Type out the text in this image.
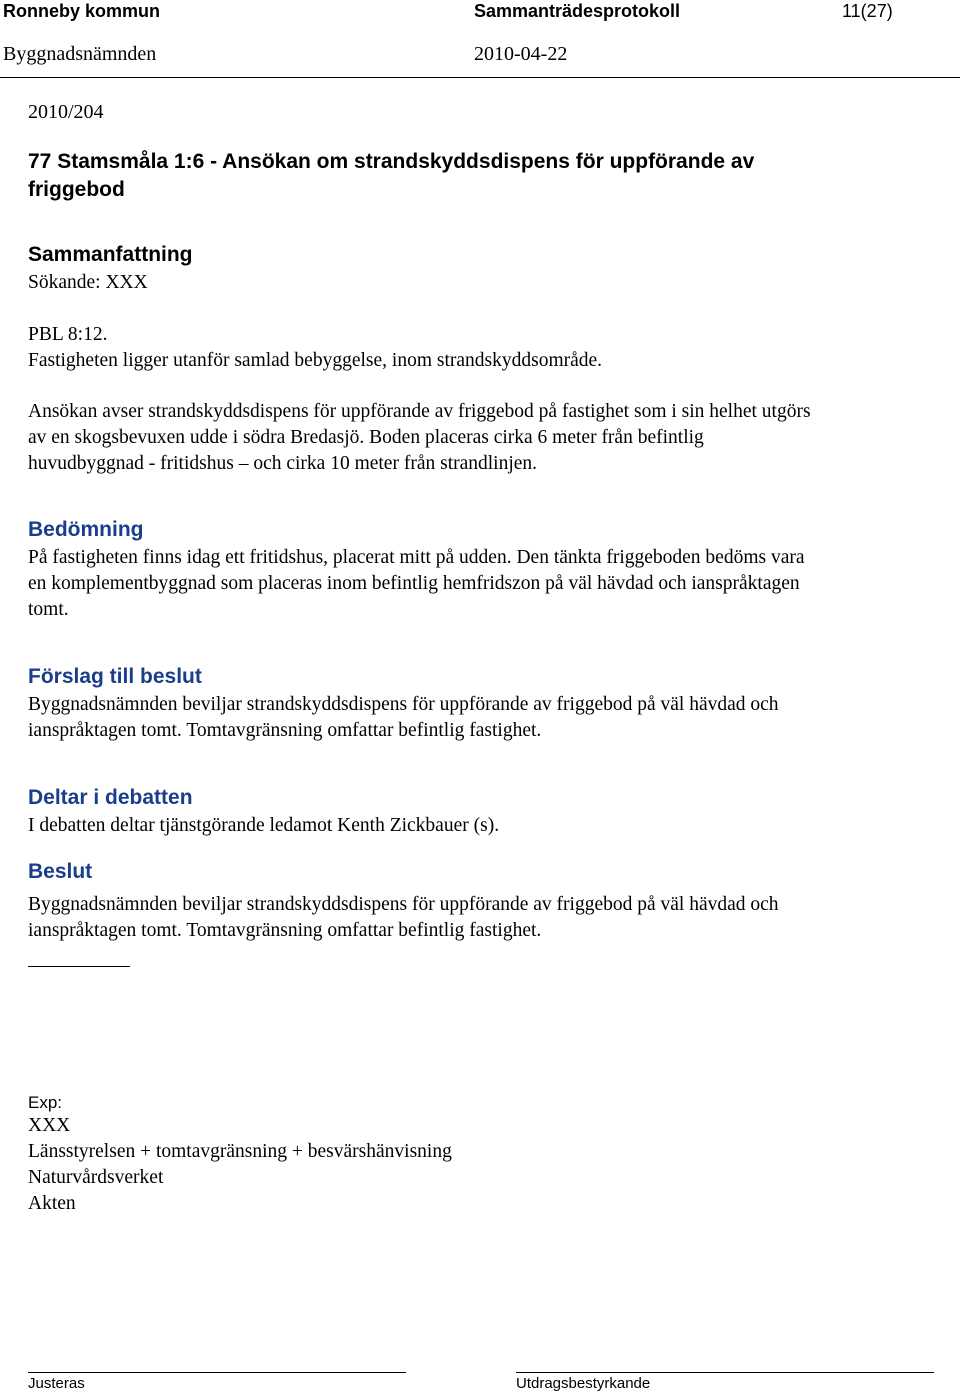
Ronneby kommun	Sammanträdesprotokoll	11(27)
Byggnadsnämnden	2010-04-22
2010/204
77 Stamsmåla 1:6 - Ansökan om strandskyddsdispens för uppförande av
friggebod
Sammanfattning
Sökande: XXX
PBL 8:12.
Fastigheten ligger utanför samlad bebyggelse, inom strandskyddsområde.
Ansökan avser strandskyddsdispens för uppförande av friggebod på fastighet som i sin helhet utgörs
av en skogsbevuxen udde i södra Bredasjö. Boden placeras cirka 6 meter från befintlig
huvudbyggnad - fritidshus – och cirka 10 meter från strandlinjen.
Bedömning
På fastigheten finns idag ett fritidshus, placerat mitt på udden. Den tänkta friggeboden bedöms vara
en komplementbyggnad som placeras inom befintlig hemfridszon på väl hävdad och ianspråktagen
tomt.
Förslag till beslut
Byggnadsnämnden beviljar strandskyddsdispens för uppförande av friggebod på väl hävdad och
ianspråktagen tomt. Tomtavgränsning omfattar befintlig fastighet.
Deltar i debatten
I debatten deltar tjänstgörande ledamot Kenth Zickbauer (s).
Beslut
Byggnadsnämnden beviljar strandskyddsdispens för uppförande av friggebod på väl hävdad och
ianspråktagen tomt. Tomtavgränsning omfattar befintlig fastighet.
Exp:
XXX
Länsstyrelsen + tomtavgränsning + besvärshänvisning
Naturvårdsverket
Akten
Justeras	Utdragsbestyrkande
